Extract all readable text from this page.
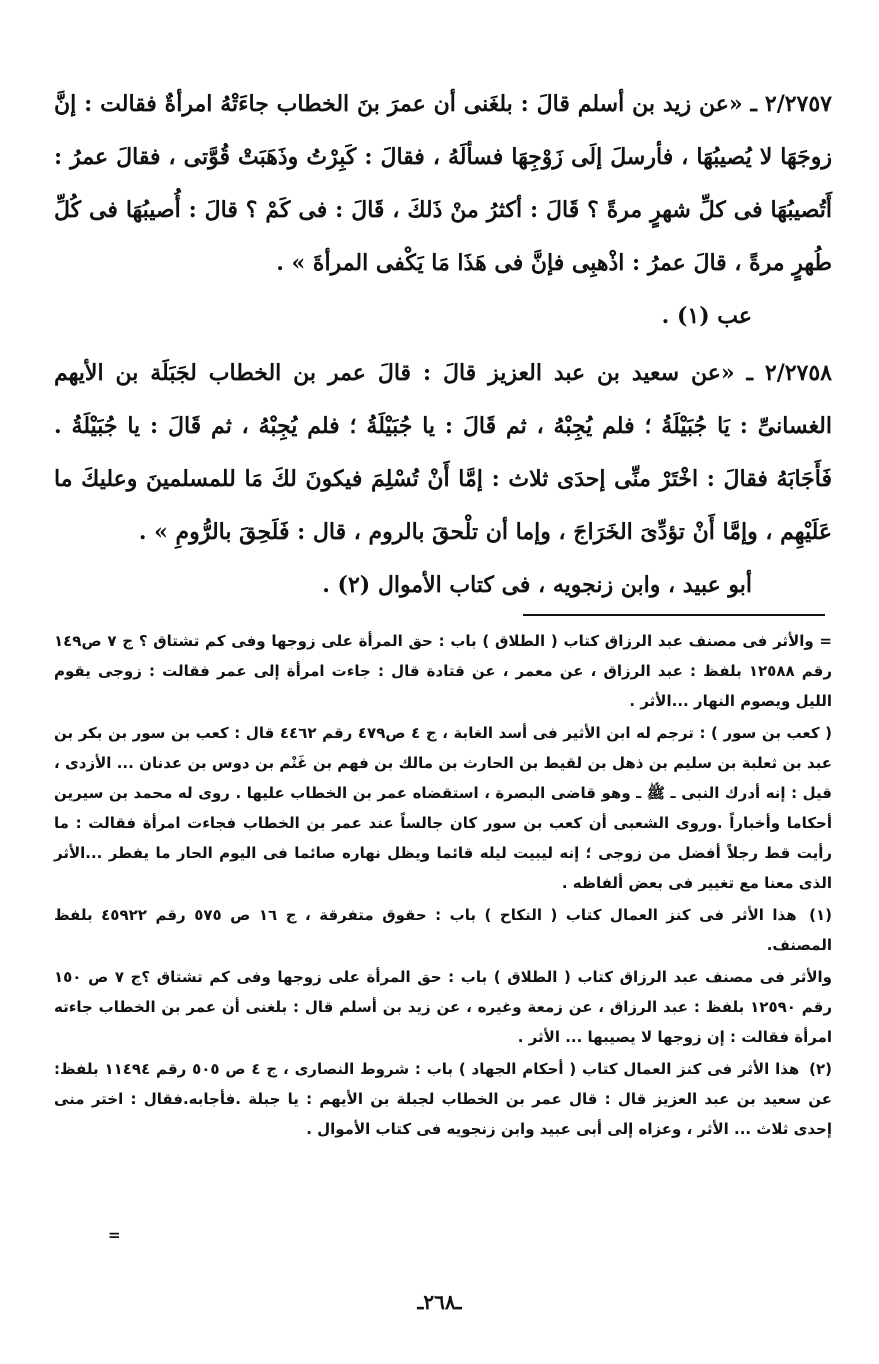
٢/٢٧٥٧ ـ «عن زيد بن أسلم قالَ : بلغَنى أن عمرَ بنَ الخطاب جاءَتْهُ امرأةٌ فقالت : إنَّ زوجَهَا لا يُصيبُهَا ، فأرسلَ إلَى زَوْجِهَا فسألَهُ ، فقالَ : كَبِرْتُ وذَهَبَتْ قُوَّتى ، فقالَ عمرُ : أَتُصيبُهَا فى كلِّ شهرٍ مرةً ؟ قَالَ : أكثرُ منْ ذَلكَ ، قَالَ : فى كَمْ ؟ قالَ : أُصيبُهَا فى كُلِّ طُهرٍ مرةً ، قالَ عمرُ : اذْهبِى فإنَّ فى هَذَا مَا يَكْفى المرأةَ » .

عب (١) .

٢/٢٧٥٨ ـ «عن سعيد بن عبد العزيز قالَ : قالَ عمر بن الخطاب لجَبَلَة بن الأيهم الغسانىِّ : يَا جُبَيْلَةُ ؛ فلم يُجِبْهُ ، ثم قَالَ : يا جُبَيْلَةُ ؛ فلم يُجِبْهُ ، ثم قَالَ : يا جُبَيْلَةُ . فَأَجَابَهُ فقالَ : اخْتَرْ منِّى إحدَى ثلاث : إمَّا أَنْ تُسْلِمَ فيكونَ لكَ مَا للمسلمينَ وعليكَ ما عَلَيْهِم ، وإمَّا أَنْ تؤدِّىَ الخَرَاجَ ، وإما أن تلْحقَ بالروم ، قال : فَلَحِقَ بالرُّومِ » .

أبو عبيد ، وابن زنجويه ، فى كتاب الأموال (٢) .

= والأثر فى مصنف عبد الرزاق كتاب ( الطلاق ) باب : حق المرأة على زوجها وفى كم تشتاق ؟ ج ٧ ص١٤٩ رقم ١٢٥٨٨ بلفظ : عبد الرزاق ، عن معمر ، عن قتادة قال : جاءت امرأة إلى عمر فقالت : زوجى يقوم الليل ويصوم النهار ...الأثر .

( كعب بن سور ) : ترجم له ابن الأثير فى أسد الغابة ، ج ٤ ص٤٧٩ رقم ٤٤٦٢ قال : كعب بن سور بن بكر بن عبد بن ثعلبة بن سليم بن ذهل بن لقيط بن الحارث بن مالك بن فهم بن غَنْم بن دوس بن عدنان ... الأزدى ، قيل : إنه أدرك النبى ـ ﷺ ـ وهو قاضى البصرة ، استقضاه عمر بن الخطاب عليها . روى له محمد بن سيرين أحكاما وأخباراً .وروى الشعبى أن كعب بن سور كان جالساً عند عمر بن الخطاب فجاءت امرأة فقالت : ما رأيت قط رجلاً أفضل من زوجى ؛ إنه ليبيت ليله قائما ويظل نهاره صائما فى اليوم الحار ما يفطر ...الأثر الذى معنا مع تغيير فى بعض ألفاظه .

(١) هذا الأثر فى كنز العمال كتاب ( النكاح ) باب : حقوق متفرقة ، ج ١٦ ص ٥٧٥ رقم ٤٥٩٢٢ بلفظ المصنف.

والأثر فى مصنف عبد الرزاق كتاب ( الطلاق ) باب : حق المرأة على زوجها وفى كم تشتاق ؟ج ٧ ص ١٥٠ رقم ١٢٥٩٠ بلفظ : عبد الرزاق ، عن زمعة وغيره ، عن زيد بن أسلم قال : بلغنى أن عمر بن الخطاب جاءته امرأة فقالت : إن زوجها لا يصيبها ... الأثر .

(٢) هذا الأثر فى كنز العمال كتاب ( أحكام الجهاد ) باب : شروط النصارى ، ج ٤ ص ٥٠٥ رقم ١١٤٩٤ بلفظ: عن سعيد بن عبد العزيز قال : قال عمر بن الخطاب لجبلة بن الأيهم : يا جبلة .فأجابه.فقال : اختر منى إحدى ثلاث ... الأثر ، وعزاه إلى أبى عبيد وابن زنجويه فى كتاب الأموال .

=
ـ٢٦٨ـ
